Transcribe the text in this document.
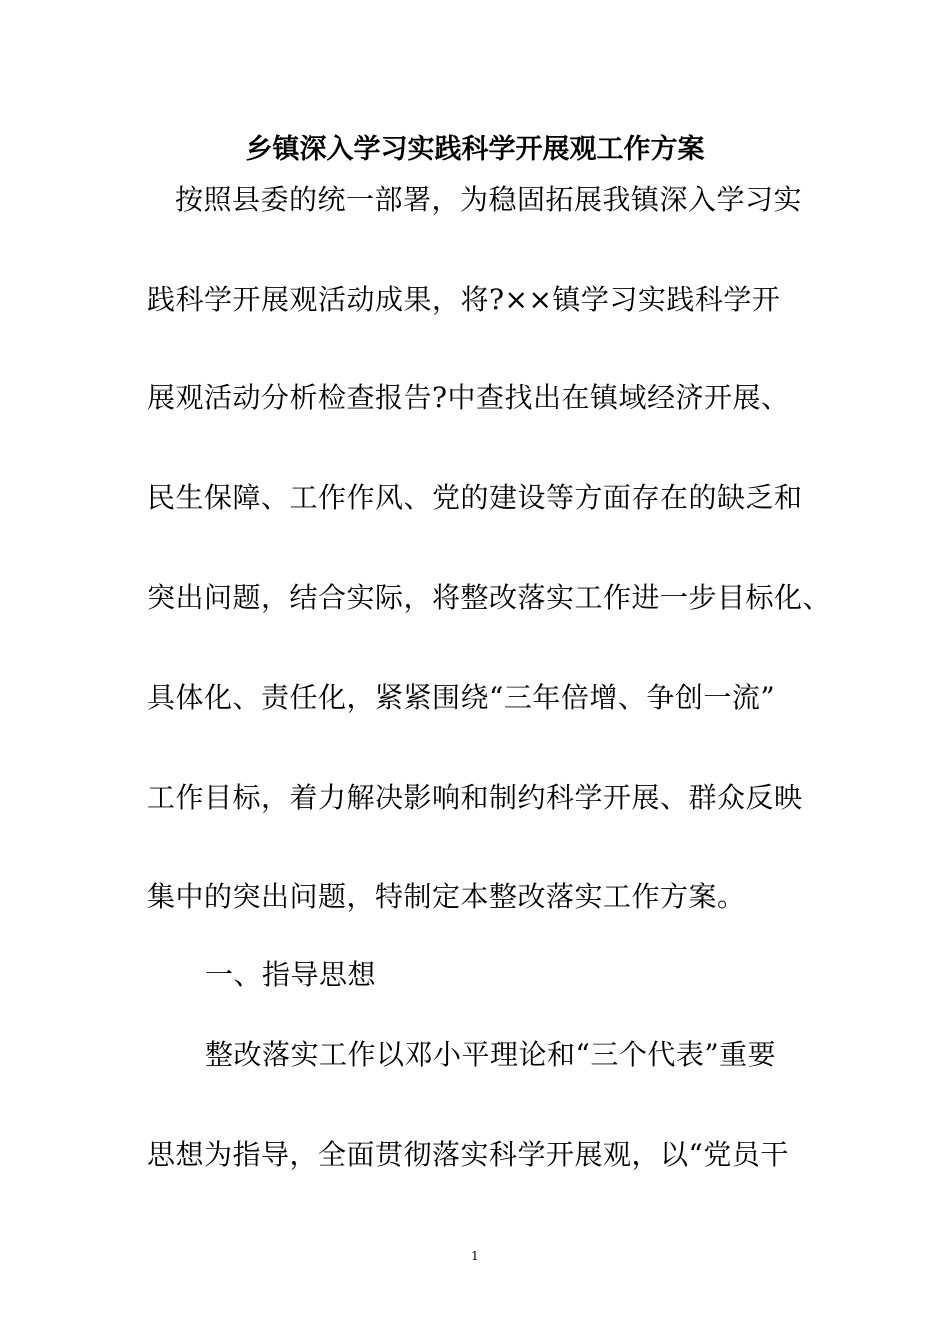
乡镇深入学习实践科学开展观工作方案
按照县委的统一部署，为稳固拓展我镇深入学习实
践科学开展观活动成果，将?××镇学习实践科学开
展观活动分析检查报告?中查找出在镇域经济开展、
民生保障、工作作风、党的建设等方面存在的缺乏和
突出问题，结合实际，将整改落实工作进一步目标化、
具体化、责任化，紧紧围绕“三年倍增、争创一流”
工作目标，着力解决影响和制约科学开展、群众反映
集中的突出问题，特制定本整改落实工作方案。
一、指导思想
整改落实工作以邓小平理论和“三个代表”重要
思想为指导，全面贯彻落实科学开展观，以“党员干
1
